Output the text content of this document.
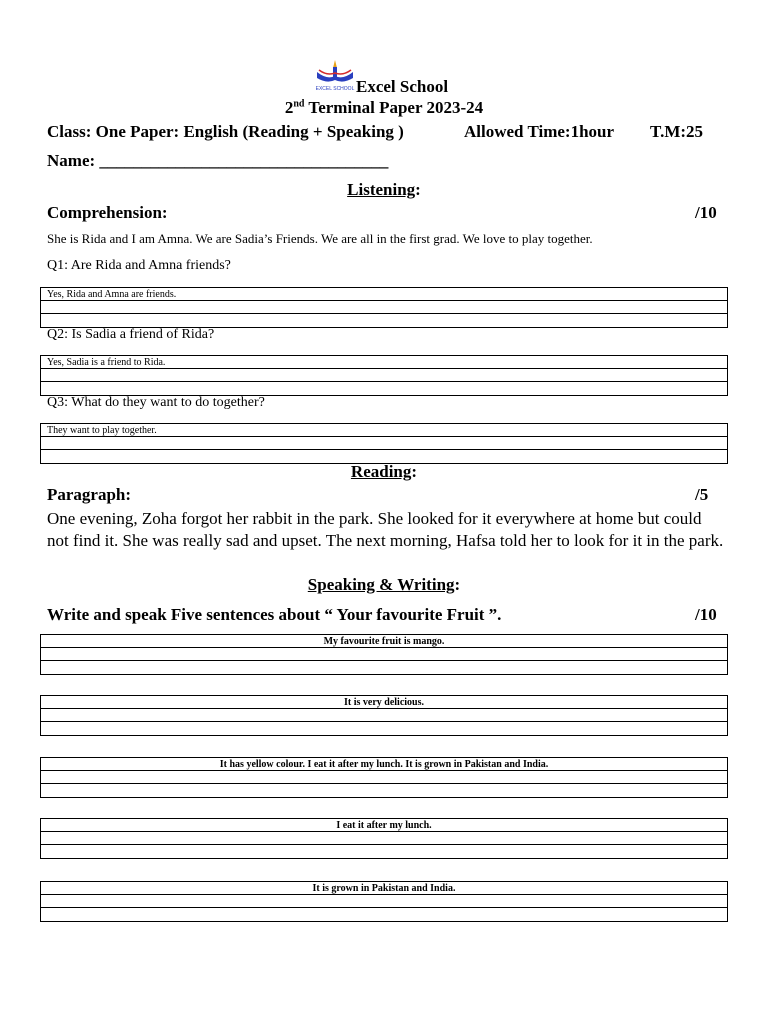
EXCEL SCHOOL Excel School
2nd Terminal Paper 2023-24
Class: One Paper: English (Reading + Speaking )	Allowed Time:1hour T.M:25
Name: __________________________________
Listening:
Comprehension:	/10
She is Rida and I am Amna. We are Sadia’s Friends. We are all in the first grad. We love to play together.
Q1: Are Rida and Amna friends?
Yes, Rida and Amna are friends.
Q2: Is Sadia a friend of Rida?
Yes, Sadia is a friend to Rida.
Q3: What do they want to do together?
They want to play together.
Reading:
Paragraph:	/5
One evening, Zoha forgot her rabbit in the park. She looked for it everywhere at home but could not find it. She was really sad and upset. The next morning, Hafsa told her to look for it in the park.
Speaking & Writing:
Write and speak Five sentences about “ Your favourite Fruit ”.	/10
My favourite fruit is mango.
It is very delicious.
It has yellow colour. I eat it after my lunch. It is grown in Pakistan and India.
I eat it after my lunch.
It is grown in Pakistan and India.
